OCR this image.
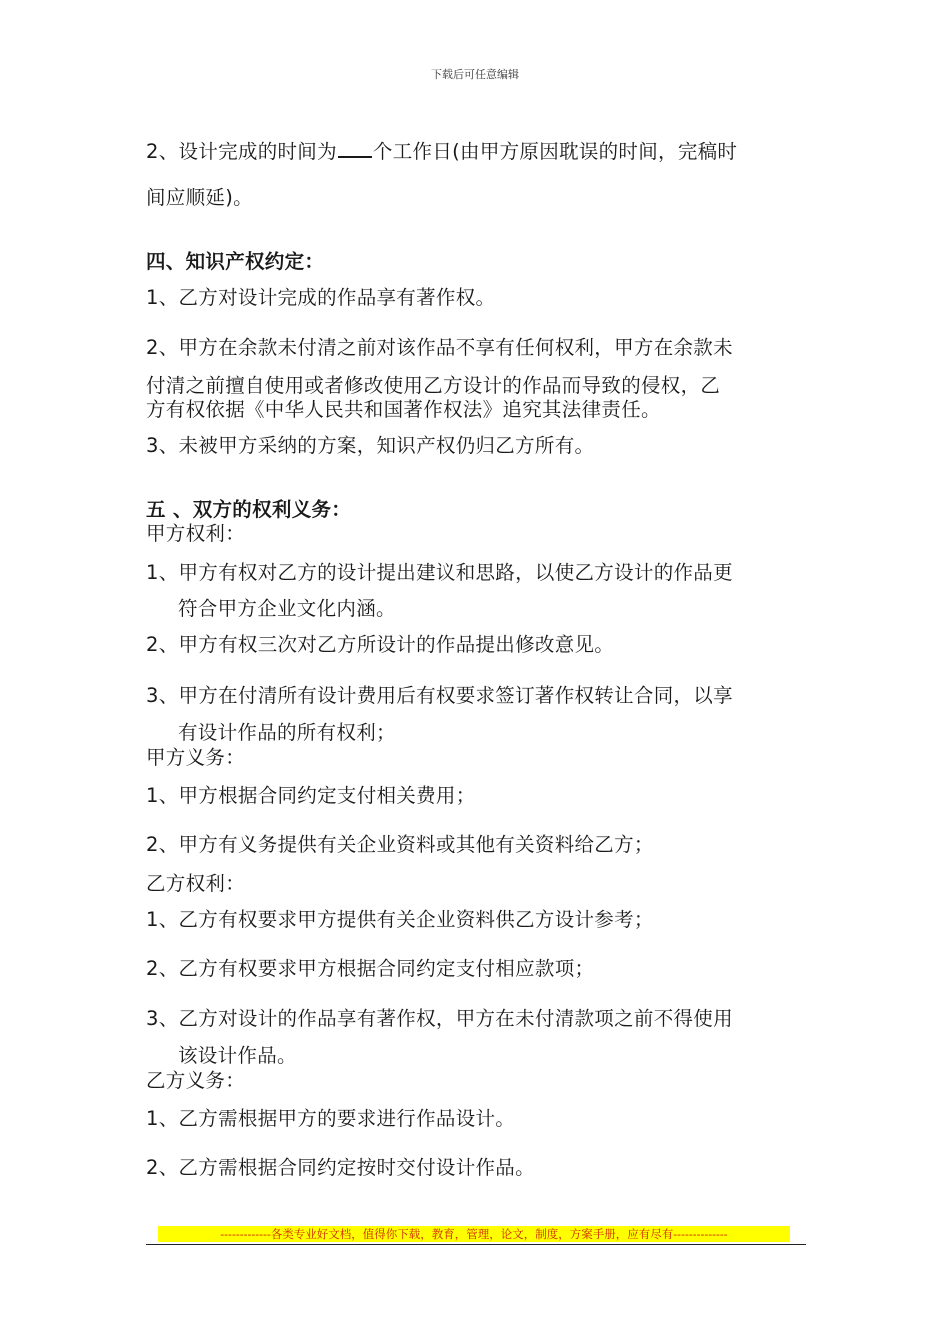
下载后可任意编辑
2、设计完成的时间为 个工作日(由甲方原因耽误的时间，完稿时
间应顺延)。
四、知识产权约定：
1、乙方对设计完成的作品享有著作权。
2、甲方在余款未付清之前对该作品不享有任何权利，甲方在余款未
付清之前擅自使用或者修改使用乙方设计的作品而导致的侵权，乙
方有权依据《中华人民共和国著作权法》追究其法律责任。
3、未被甲方采纳的方案，知识产权仍归乙方所有。
五 、双方的权利义务：
甲方权利：
1、甲方有权对乙方的设计提出建议和思路，以使乙方设计的作品更
符合甲方企业文化内涵。
2、甲方有权三次对乙方所设计的作品提出修改意见。
3、甲方在付清所有设计费用后有权要求签订著作权转让合同，以享
有设计作品的所有权利；
甲方义务：
1、甲方根据合同约定支付相关费用；
2、甲方有义务提供有关企业资料或其他有关资料给乙方；
乙方权利：
1、乙方有权要求甲方提供有关企业资料供乙方设计参考；
2、乙方有权要求甲方根据合同约定支付相应款项；
3、乙方对设计的作品享有著作权，甲方在未付清款项之前不得使用
该设计作品。
乙方义务：
1、乙方需根据甲方的要求进行作品设计。
2、乙方需根据合同约定按时交付设计作品。
-------------各类专业好文档，值得你下载，教育，管理，论文，制度，方案手册，应有尽有--------------
